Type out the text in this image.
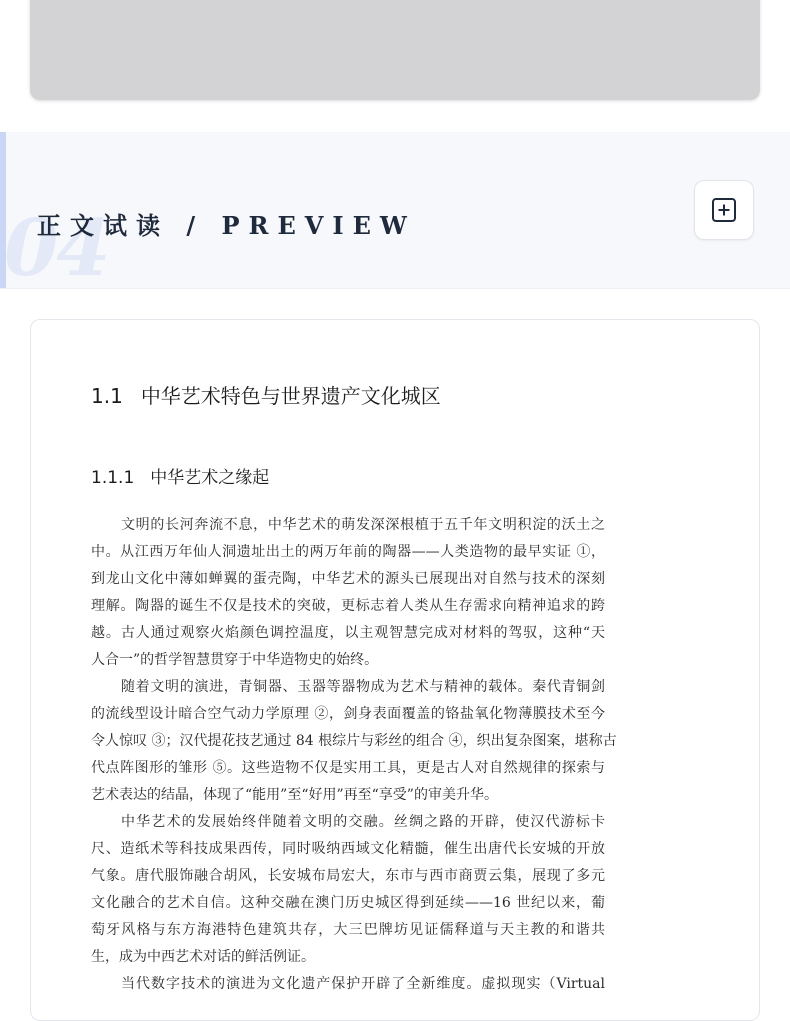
04
正文试读 / PREVIEW
1.1 中华艺术特色与世界遗产文化城区
1.1.1 中华艺术之缘起
文明的长河奔流不息，中华艺术的萌发深深根植于五千年文明积淀的沃土之
中。从江西万年仙人洞遗址出土的两万年前的陶器——人类造物的最早实证 ①，
到龙山文化中薄如蝉翼的蛋壳陶，中华艺术的源头已展现出对自然与技术的深刻
理解。陶器的诞生不仅是技术的突破，更标志着人类从生存需求向精神追求的跨
越。古人通过观察火焰颜色调控温度，以主观智慧完成对材料的驾驭，这种“天
人合一”的哲学智慧贯穿于中华造物史的始终。
随着文明的演进，青铜器、玉器等器物成为艺术与精神的载体。秦代青铜剑
的流线型设计暗合空气动力学原理 ②，剑身表面覆盖的铬盐氧化物薄膜技术至今
令人惊叹 ③；汉代提花技艺通过 84 根综片与彩丝的组合 ④，织出复杂图案，堪称古
代点阵图形的雏形 ⑤。这些造物不仅是实用工具，更是古人对自然规律的探索与
艺术表达的结晶，体现了“能用”至“好用”再至“享受”的审美升华。
中华艺术的发展始终伴随着文明的交融。丝绸之路的开辟，使汉代游标卡
尺、造纸术等科技成果西传，同时吸纳西域文化精髓，催生出唐代长安城的开放
气象。唐代服饰融合胡风，长安城布局宏大，东市与西市商贾云集，展现了多元
文化融合的艺术自信。这种交融在澳门历史城区得到延续——16 世纪以来，葡
萄牙风格与东方海港特色建筑共存，大三巴牌坊见证儒释道与天主教的和谐共
生，成为中西艺术对话的鲜活例证。
当代数字技术的演进为文化遗产保护开辟了全新维度。虚拟现实（Virtual
